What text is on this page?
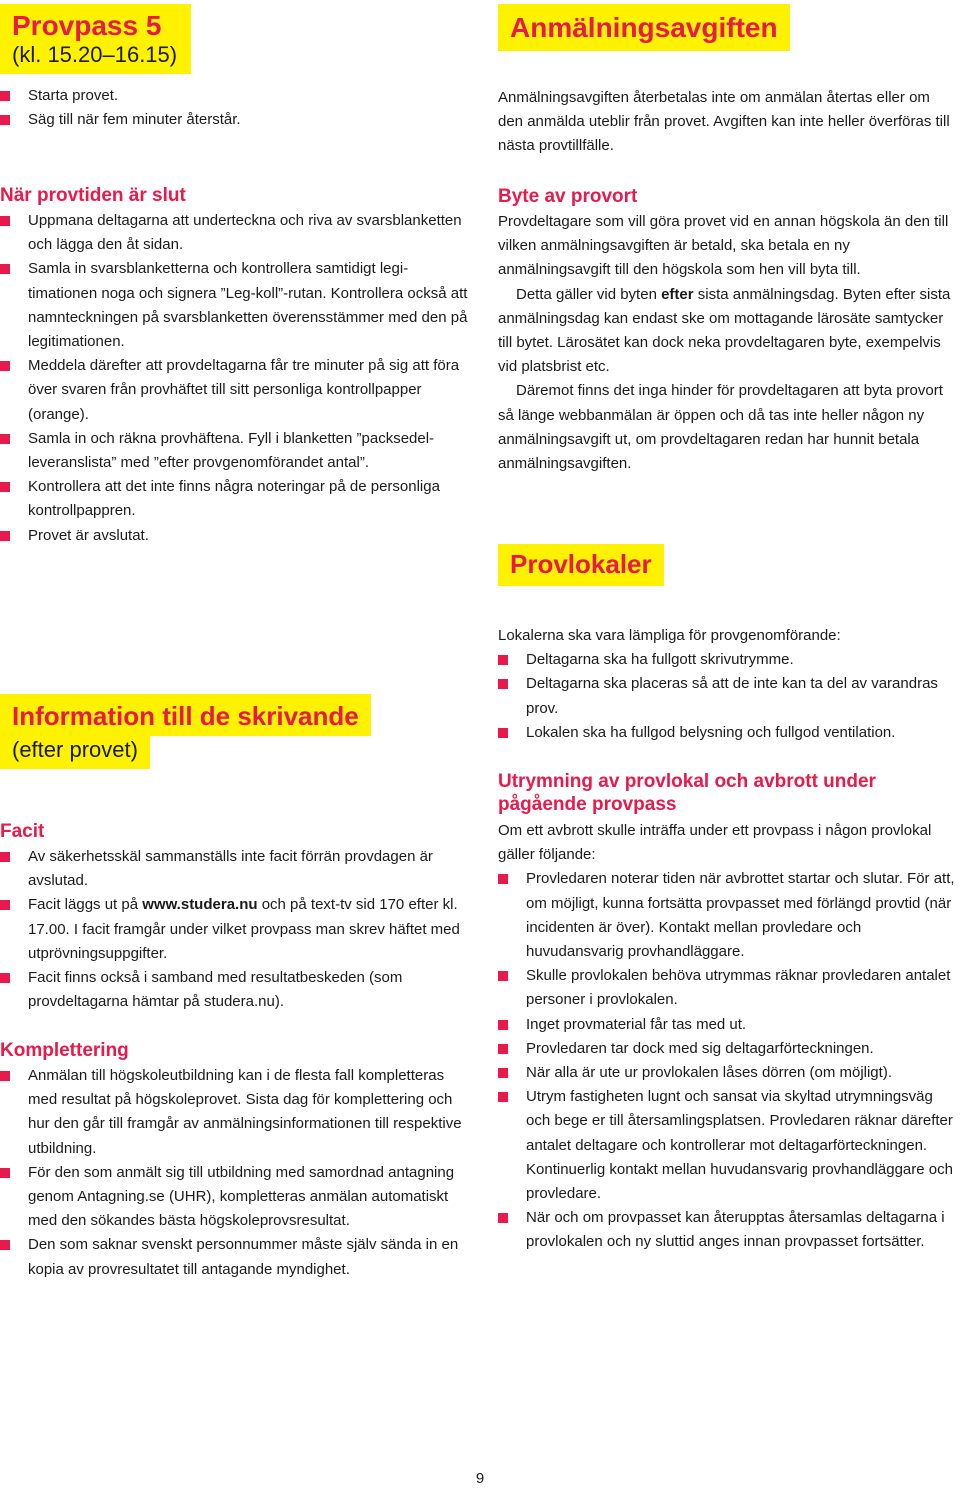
Provpass 5
(kl. 15.20–16.15)
Starta provet.
Säg till när fem minuter återstår.
När provtiden är slut
Uppmana deltagarna att underteckna och riva av svarsblanketten och lägga den åt sidan.
Samla in svarsblanketterna och kontrollera samtidigt legitimationen noga och signera ”Leg-koll”-rutan. Kontrollera också att namnteckningen på svarsblanketten överensstämmer med den på legitimationen.
Meddela därefter att provdeltagarna får tre minuter på sig att föra över svaren från provhäftet till sitt personliga kontrollpapper (orange).
Samla in och räkna provhäftena. Fyll i blanketten ”packsedel-leveranslista” med ”efter provgenomförandet antal”.
Kontrollera att det inte finns några noteringar på de personliga kontrollpappren.
Provet är avslutat.
Information till de skrivande

(efter provet)
Facit
Av säkerhetsskäl sammanställs inte facit förrän provdagen är avslutad.
Facit läggs ut på www.studera.nu och på text-tv sid 170 efter kl. 17.00. I facit framgår under vilket provpass man skrev häftet med utprövningsuppgifter.
Facit finns också i samband med resultatbeskeden (som provdeltagarna hämtar på studera.nu).
Komplettering
Anmälan till högskoleutbildning kan i de flesta fall kompletteras med resultat på högskoleprovet. Sista dag för komplettering och hur den går till framgår av anmälningsinformationen till respektive utbildning.
För den som anmält sig till utbildning med samordnad antagning genom Antagning.se (UHR), kompletteras anmälan automatiskt med den sökandes bästa högskoleprovsresultat.
Den som saknar svenskt personnummer måste själv sända in en kopia av provresultatet till antagande myndighet.
Anmälningsavgiften

Anmälningsavgiften återbetalas inte om anmälan återtas eller om den anmälda uteblir från provet. Avgiften kan inte heller överföras till nästa provtillfälle.

Byte av provort

Provdeltagare som vill göra provet vid en annan högskola än den till vilken anmälningsavgiften är betald, ska betala en ny anmälningsavgift till den högskola som hen vill byta till.

Detta gäller vid byten efter sista anmälningsdag. Byten efter sista anmälningsdag kan endast ske om mottagande lärosäte samtycker till bytet. Lärosätet kan dock neka provdeltagaren byte, exempelvis vid platsbrist etc.

Däremot finns det inga hinder för provdeltagaren att byta provort så länge webbanmälan är öppen och då tas inte heller någon ny anmälningsavgift ut, om provdeltagaren redan har hunnit betala anmälningsavgiften.

Provlokaler

Lokalerna ska vara lämpliga för provgenomförande:

Deltagarna ska ha fullgott skrivutrymme.
Deltagarna ska placeras så att de inte kan ta del av varandras prov.
Lokalen ska ha fullgod belysning och fullgod ventilation.
Utrymning av provlokal och avbrott under pågående provpass

Om ett avbrott skulle inträffa under ett provpass i någon provlokal gäller följande:

Provledaren noterar tiden när avbrottet startar och slutar. För att, om möjligt, kunna fortsätta provpasset med förlängd provtid (när incidenten är över). Kontakt mellan provledare och huvudansvarig provhandläggare.
Skulle provlokalen behöva utrymmas räknar provledaren antalet personer i provlokalen.
Inget provmaterial får tas med ut.
Provledaren tar dock med sig deltagarförteckningen.
När alla är ute ur provlokalen låses dörren (om möjligt).
Utrym fastigheten lugnt och sansat via skyltad utrymningsväg och bege er till återsamlingsplatsen. Provledaren räknar därefter antalet deltagare och kontrollerar mot deltagarförteckningen. Kontinuerlig kontakt mellan huvudansvarig provhandläggare och provledare.
När och om provpasset kan återupptas återsamlas deltagarna i provlokalen och ny sluttid anges innan provpasset fortsätter.
9
